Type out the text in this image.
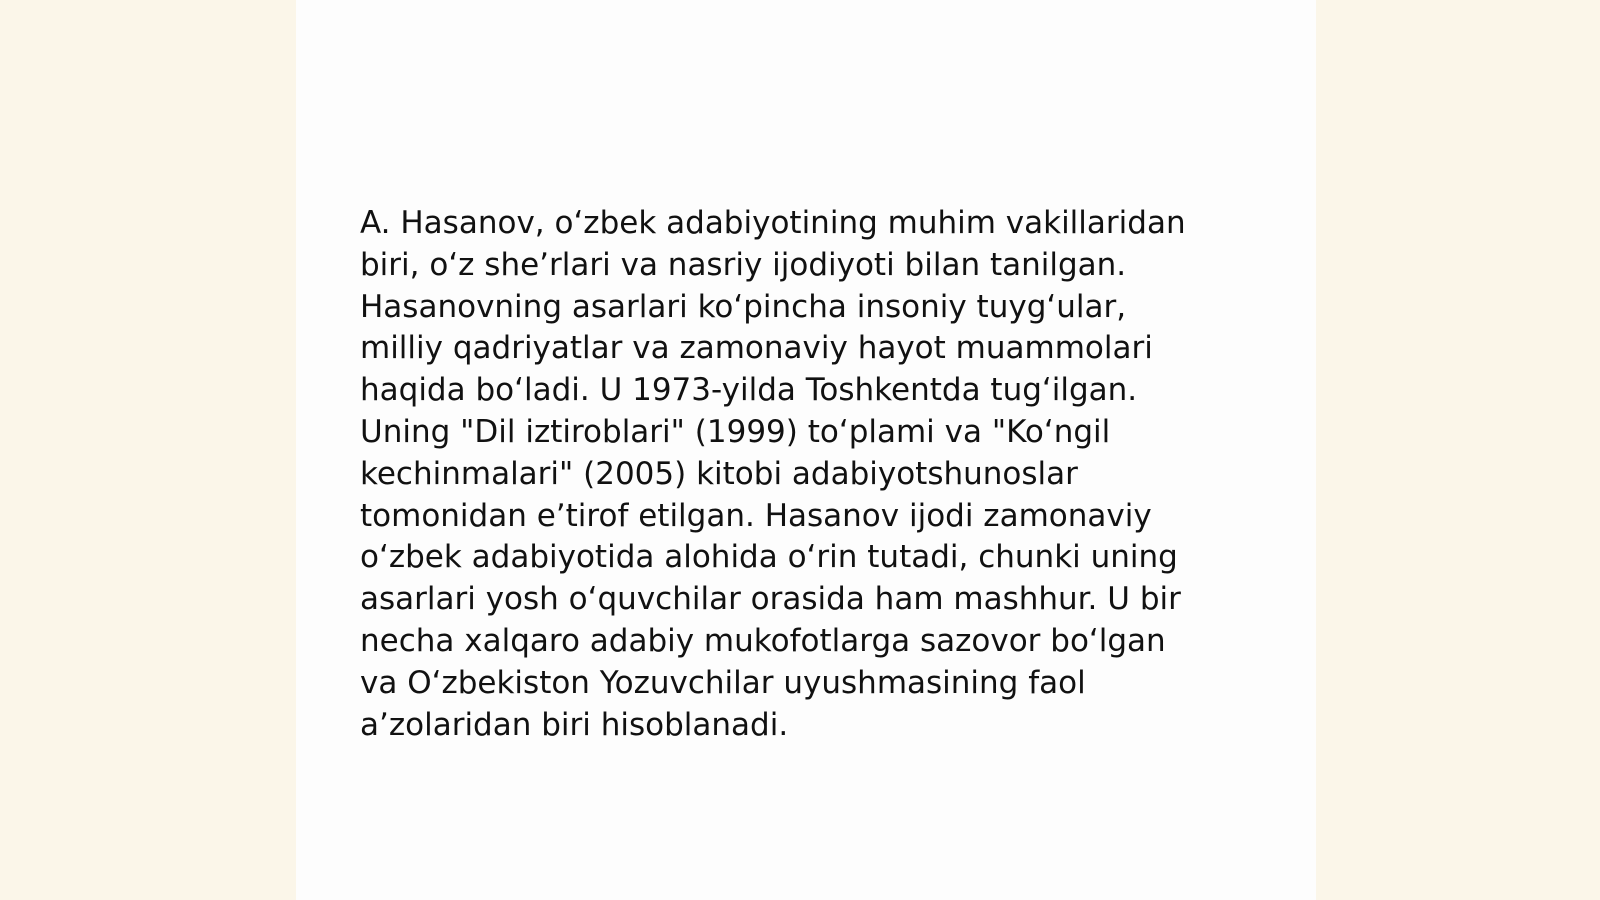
A. Hasanov, o‘zbek adabiyotining muhim vakillaridan
biri, o‘z she’rlari va nasriy ijodiyoti bilan tanilgan.
Hasanovning asarlari ko‘pincha insoniy tuyg‘ular,
milliy qadriyatlar va zamonaviy hayot muammolari
haqida bo‘ladi. U 1973-yilda Toshkentda tug‘ilgan.
Uning "Dil iztiroblari" (1999) to‘plami va "Ko‘ngil
kechinmalari" (2005) kitobi adabiyotshunoslar
tomonidan e’tirof etilgan. Hasanov ijodi zamonaviy
o‘zbek adabiyotida alohida o‘rin tutadi, chunki uning
asarlari yosh o‘quvchilar orasida ham mashhur. U bir
necha xalqaro adabiy mukofotlarga sazovor bo‘lgan
va O‘zbekiston Yozuvchilar uyushmasining faol
a’zolaridan biri hisoblanadi.
